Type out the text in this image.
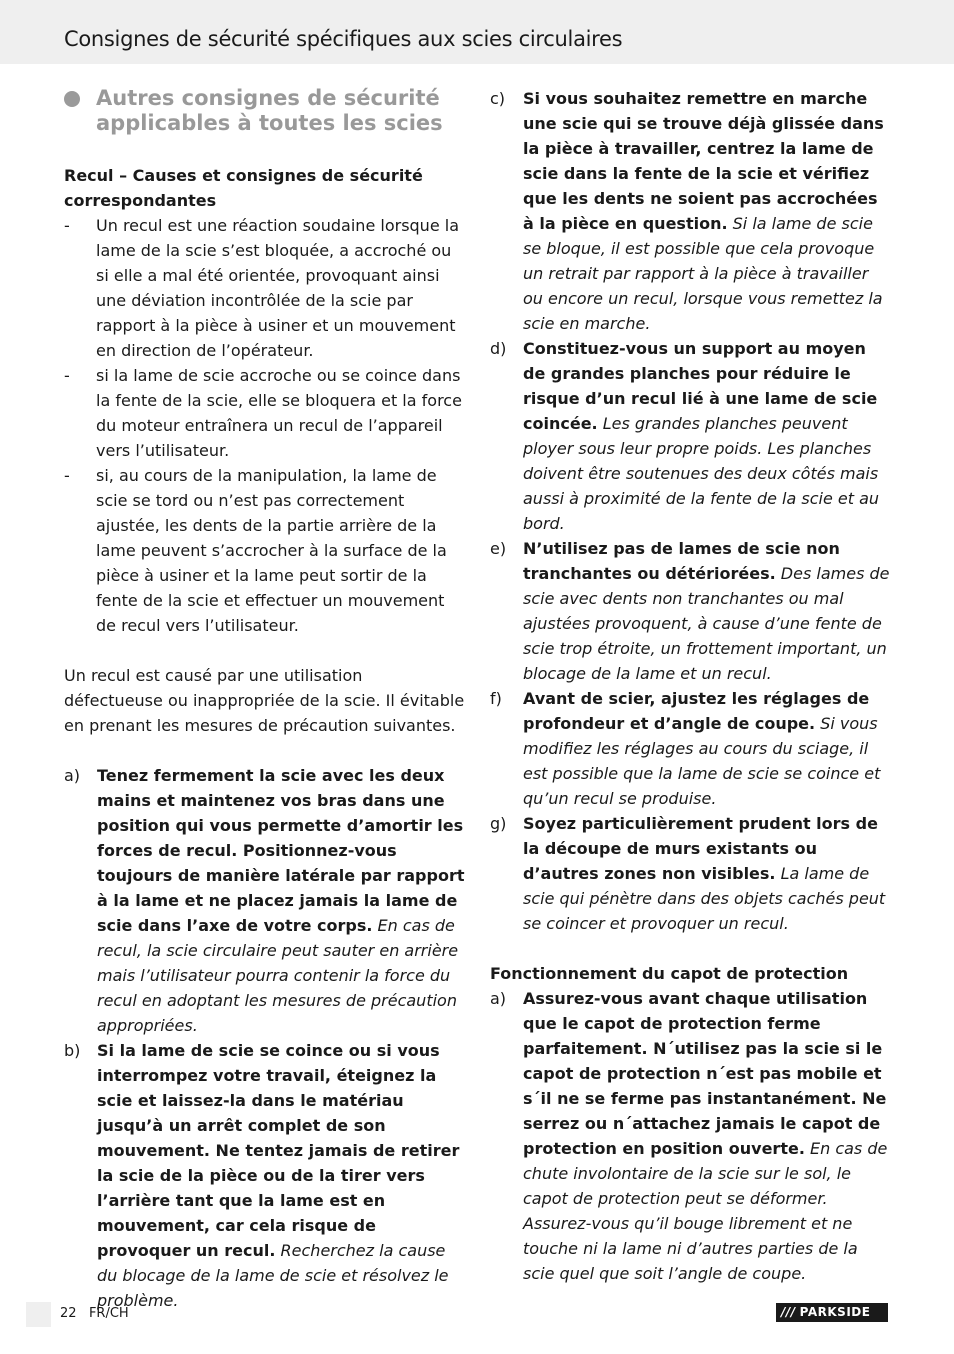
Consignes de sécurité spécifiques aux scies circulaires
Autres consignes de sécurité applicables à toutes les scies

Recul – Causes et consignes de sécurité correspondantes

- Un recul est une réaction soudaine lorsque la lame de la scie s’est bloquée, a accroché ou si elle a mal été orientée, provoquant ainsi une déviation incontrôlée de la scie par rapport à la pièce à usiner et un mouvement en direction de l’opérateur.
- si la lame de scie accroche ou se coince dans la fente de la scie, elle se bloquera et la force du moteur entraînera un recul de l’appareil vers l’utilisateur.
- si, au cours de la manipulation, la lame de scie se tord ou n’est pas correctement ajustée, les dents de la partie arrière de la lame peuvent s’accrocher à la surface de la pièce à usiner et la lame peut sortir de la fente de la scie et effectuer un mouvement de recul vers l’utilisateur.

Un recul est causé par une utilisation défectueuse ou inappropriée de la scie. Il évitable en prenant les mesures de précaution suivantes.

a) Tenez fermement la scie avec les deux mains et maintenez vos bras dans une position qui vous permette d’amortir les forces de recul. Positionnez-vous toujours de manière latérale par rapport à la lame et ne placez jamais la lame de scie dans l’axe de votre corps. En cas de recul, la scie circulaire peut sauter en arrière mais l’utilisateur pourra contenir la force du recul en adoptant les mesures de précaution appropriées.
b) Si la lame de scie se coince ou si vous interrompez votre travail, éteignez la scie et laissez-la dans le matériau jusqu’à un arrêt complet de son mouvement. Ne tentez jamais de retirer la scie de la pièce ou de la tirer vers l’arrière tant que la lame est en mouvement, car cela risque de provoquer un recul. Recherchez la cause du blocage de la lame de scie et résolvez le problème.
c) Si vous souhaitez remettre en marche une scie qui se trouve déjà glissée dans la pièce à travailler, centrez la lame de scie dans la fente de la scie et vérifiez que les dents ne soient pas accrochées à la pièce en question. Si la lame de scie se bloque, il est possible que cela provoque un retrait par rapport à la pièce à travailler ou encore un recul, lorsque vous remettez la scie en marche.
d) Constituez-vous un support au moyen de grandes planches pour réduire le risque d’un recul lié à une lame de scie coincée. Les grandes planches peuvent ployer sous leur propre poids. Les planches doivent être soutenues des deux côtés mais aussi à proximité de la fente de la scie et au bord.
e) N’utilisez pas de lames de scie non tranchantes ou détériorées. Des lames de scie avec dents non tranchantes ou mal ajustées provoquent, à cause d’une fente de scie trop étroite, un frottement important, un blocage de la lame et un recul.
f) Avant de scier, ajustez les réglages de profondeur et d’angle de coupe. Si vous modifiez les réglages au cours du sciage, il est possible que la lame de scie se coince et qu’un recul se produise.
g) Soyez particulièrement prudent lors de la découpe de murs existants ou d’autres zones non visibles. La lame de scie qui pénètre dans des objets cachés peut se coincer et provoquer un recul.

Fonctionnement du capot de protection

a) Assurez-vous avant chaque utilisation que le capot de protection ferme parfaitement. N´utilisez pas la scie si le capot de protection n´est pas mobile et s´il ne se ferme pas instantanément. Ne serrez ou n´attachez jamais le capot de protection en position ouverte. En cas de chute involontaire de la scie sur le sol, le capot de protection peut se déformer. Assurez-vous qu’il bouge librement et ne touche ni la lame ni d’autres parties de la scie quel que soit l’angle de coupe.
22 FR/CH	/// PARKSIDE
